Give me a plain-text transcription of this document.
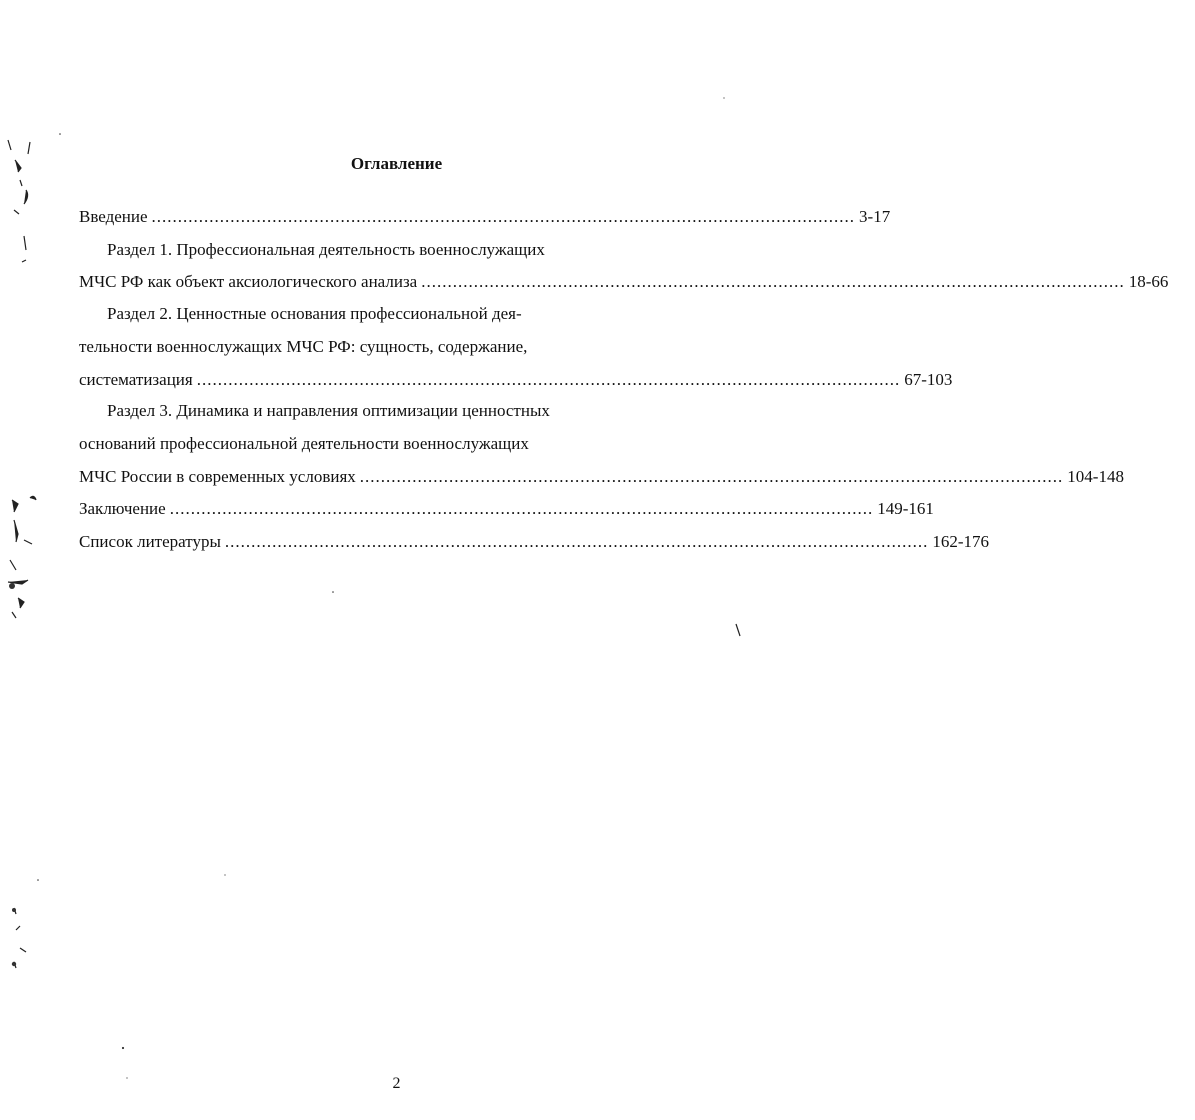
Оглавление
Введение ...................................................................................................................................... 3-17
Раздел 1. Профессиональная деятельность военнослужащих
МЧС РФ как объект аксиологического анализа ...................................................................................................................................... 18-66
Раздел 2. Ценностные основания профессиональной дея-
тельности военнослужащих МЧС РФ: сущность, содержание,
систематизация ...................................................................................................................................... 67-103
Раздел 3. Динамика и направления оптимизации ценностных
оснований профессиональной деятельности военнослужащих
МЧС России в современных условиях ...................................................................................................................................... 104-148
Заключение ...................................................................................................................................... 149-161
Список литературы ...................................................................................................................................... 162-176
2
